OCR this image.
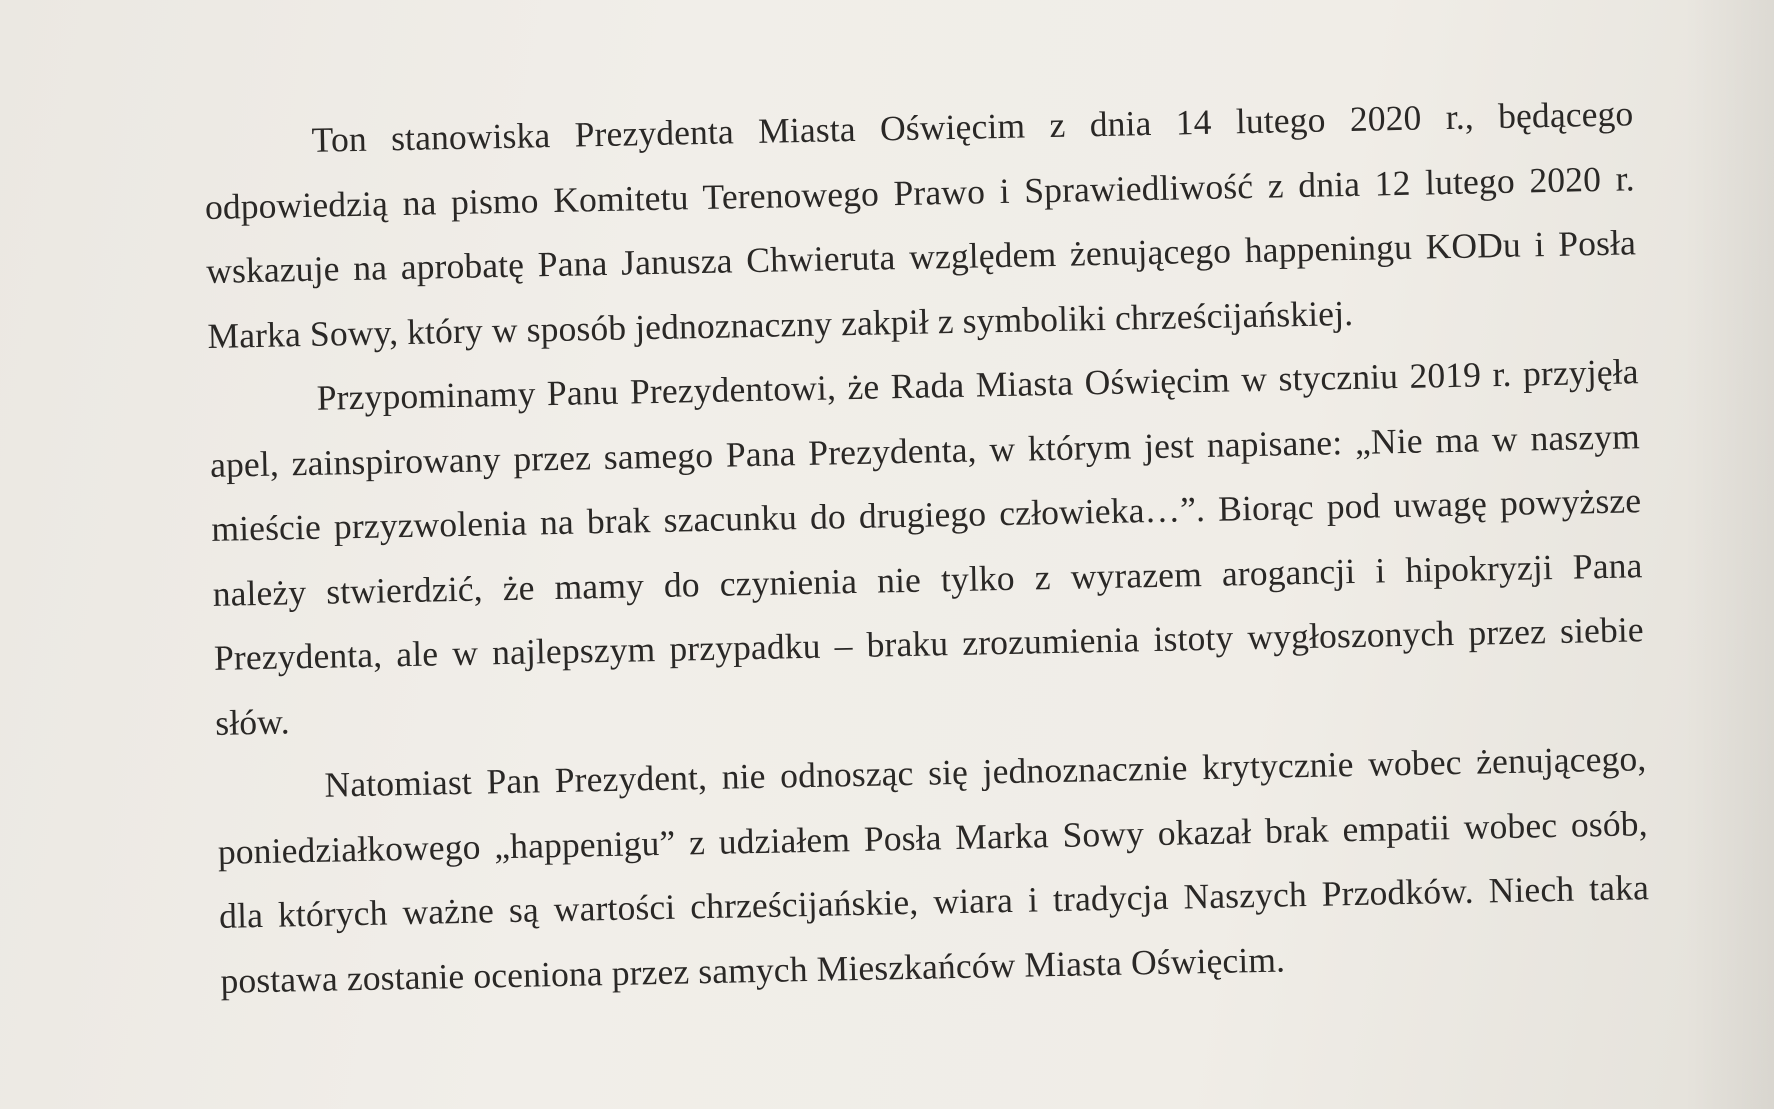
Ton stanowiska Prezydenta Miasta Oświęcim z dnia 14 lutego 2020 r., będącego odpowiedzią na pismo Komitetu Terenowego Prawo i Sprawiedliwość z dnia 12 lutego 2020 r. wskazuje na aprobatę Pana Janusza Chwieruta względem żenującego happeningu KODu i Posła Marka Sowy, który w sposób jednoznaczny zakpił z symboliki chrześcijańskiej.

Przypominamy Panu Prezydentowi, że Rada Miasta Oświęcim w styczniu 2019 r. przyjęła apel, zainspirowany przez samego Pana Prezydenta, w którym jest napisane: „Nie ma w naszym mieście przyzwolenia na brak szacunku do drugiego człowieka…”. Biorąc pod uwagę powyższe należy stwierdzić, że mamy do czynienia nie tylko z wyrazem arogancji i hipokryzji Pana Prezydenta, ale w najlepszym przypadku – braku zrozumienia istoty wygłoszonych przez siebie słów.

Natomiast Pan Prezydent, nie odnosząc się jednoznacznie krytycznie wobec żenującego, poniedziałkowego „happenigu” z udziałem Posła Marka Sowy okazał brak empatii wobec osób, dla których ważne są wartości chrześcijańskie, wiara i tradycja Naszych Przodków. Niech taka postawa zostanie oceniona przez samych Mieszkańców Miasta Oświęcim.
